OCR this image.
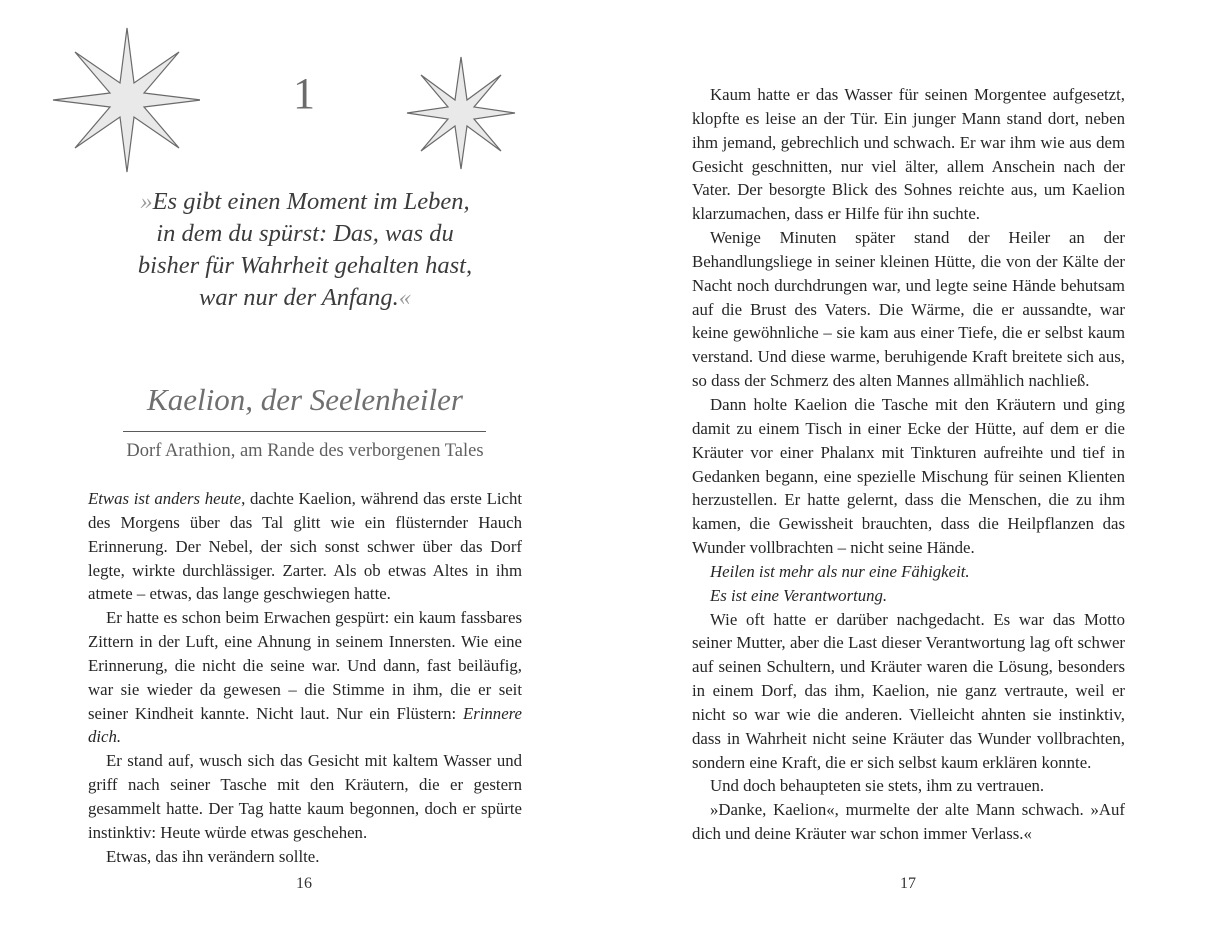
1
»Es gibt einen Moment im Leben,
in dem du spürst: Das, was du
bisher für Wahrheit gehalten hast,
war nur der Anfang.«
Kaelion, der Seelenheiler
Dorf Arathion, am Rande des verborgenen Tales

Etwas ist anders heute, dachte Kaelion, während das erste Licht des Morgens über das Tal glitt wie ein flüsternder Hauch Erinnerung. Der Nebel, der sich sonst schwer über das Dorf legte, wirkte durchlässiger. Zarter. Als ob etwas Altes in ihm atmete – etwas, das lange geschwiegen hatte.

Er hatte es schon beim Erwachen gespürt: ein kaum fassbares Zittern in der Luft, eine Ahnung in seinem Innersten. Wie eine Erinnerung, die nicht die seine war. Und dann, fast beiläufig, war sie wieder da gewesen – die Stimme in ihm, die er seit seiner Kindheit kannte. Nicht laut. Nur ein Flüstern: Erinnere dich.

Er stand auf, wusch sich das Gesicht mit kaltem Wasser und griff nach seiner Tasche mit den Kräutern, die er gestern gesammelt hatte. Der Tag hatte kaum begonnen, doch er spürte instinktiv: Heute würde etwas geschehen.

Etwas, das ihn verändern sollte.

16

Kaum hatte er das Wasser für seinen Morgentee aufgesetzt, klopfte es leise an der Tür. Ein junger Mann stand dort, neben ihm jemand, gebrechlich und schwach. Er war ihm wie aus dem Gesicht geschnitten, nur viel älter, allem Anschein nach der Vater. Der besorgte Blick des Sohnes reichte aus, um Kaelion klarzumachen, dass er Hilfe für ihn suchte.

Wenige Minuten später stand der Heiler an der Behandlungsliege in seiner kleinen Hütte, die von der Kälte der Nacht noch durchdrungen war, und legte seine Hände behutsam auf die Brust des Vaters. Die Wärme, die er aussandte, war keine gewöhnliche – sie kam aus einer Tiefe, die er selbst kaum verstand. Und diese warme, beruhigende Kraft breitete sich aus, so dass der Schmerz des alten Mannes allmählich nachließ.

Dann holte Kaelion die Tasche mit den Kräutern und ging damit zu einem Tisch in einer Ecke der Hütte, auf dem er die Kräuter vor einer Phalanx mit Tinkturen aufreihte und tief in Gedanken begann, eine spezielle Mischung für seinen Klienten herzustellen. Er hatte gelernt, dass die Menschen, die zu ihm kamen, die Gewissheit brauchten, dass die Heilpflanzen das Wunder vollbrachten – nicht seine Hände.

Heilen ist mehr als nur eine Fähigkeit.

Es ist eine Verantwortung.

Wie oft hatte er darüber nachgedacht. Es war das Motto seiner Mutter, aber die Last dieser Verantwortung lag oft schwer auf seinen Schultern, und Kräuter waren die Lösung, besonders in einem Dorf, das ihm, Kaelion, nie ganz vertraute, weil er nicht so war wie die anderen. Vielleicht ahnten sie instinktiv, dass in Wahrheit nicht seine Kräuter das Wunder vollbrachten, sondern eine Kraft, die er sich selbst kaum erklären konnte.

Und doch behaupteten sie stets, ihm zu vertrauen.

»Danke, Kaelion«, murmelte der alte Mann schwach. »Auf dich und deine Kräuter war schon immer Verlass.«

17
